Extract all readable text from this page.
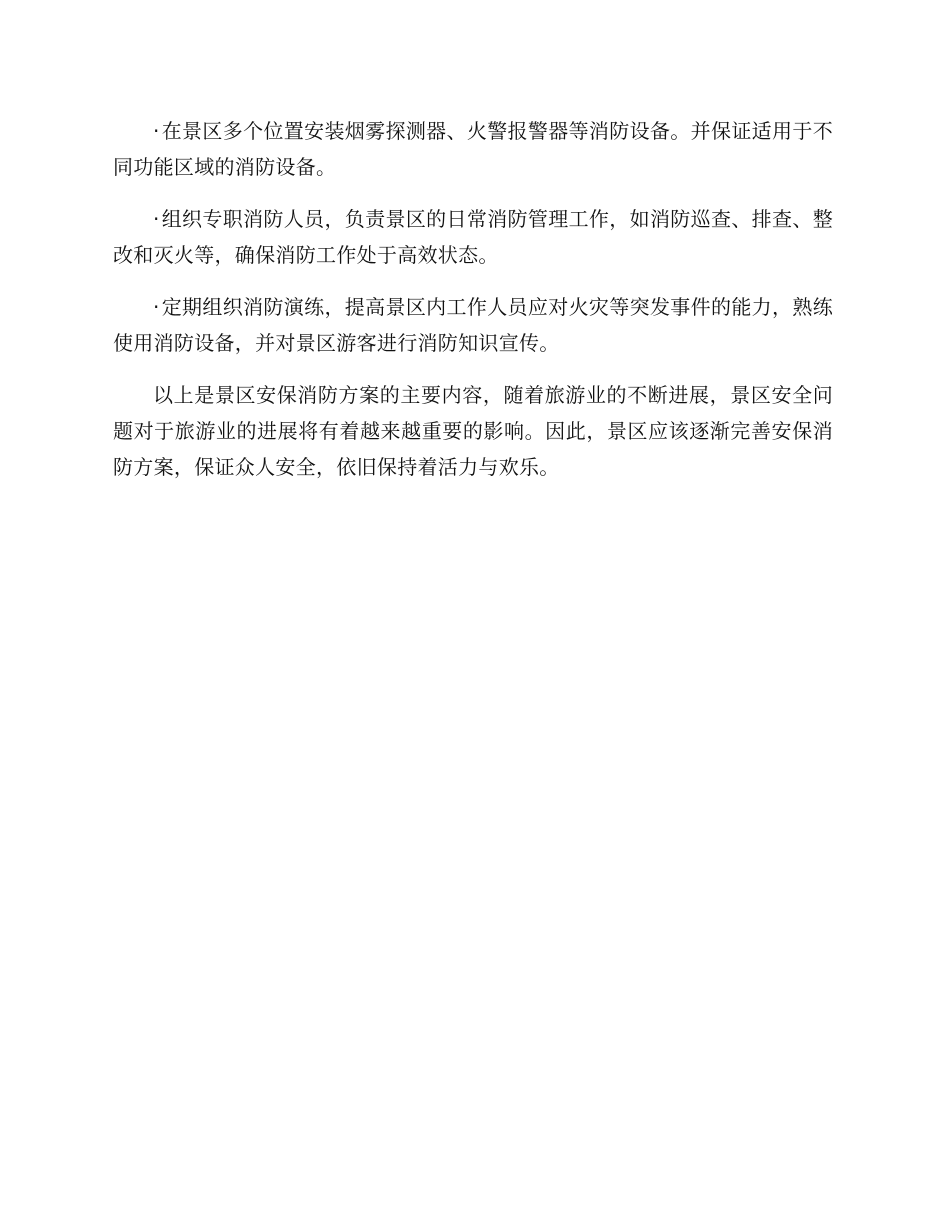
· 在景区多个位置安装烟雾探测器、火警报警器等消防设备。并保证适用于不同功能区域的消防设备。

· 组织专职消防人员，负责景区的日常消防管理工作，如消防巡查、排查、整改和灭火等，确保消防工作处于高效状态。

· 定期组织消防演练，提高景区内工作人员应对火灾等突发事件的能力，熟练使用消防设备，并对景区游客进行消防知识宣传。

以上是景区安保消防方案的主要内容，随着旅游业的不断进展，景区安全问题对于旅游业的进展将有着越来越重要的影响。因此，景区应该逐渐完善安保消防方案，保证众人安全，依旧保持着活力与欢乐。
